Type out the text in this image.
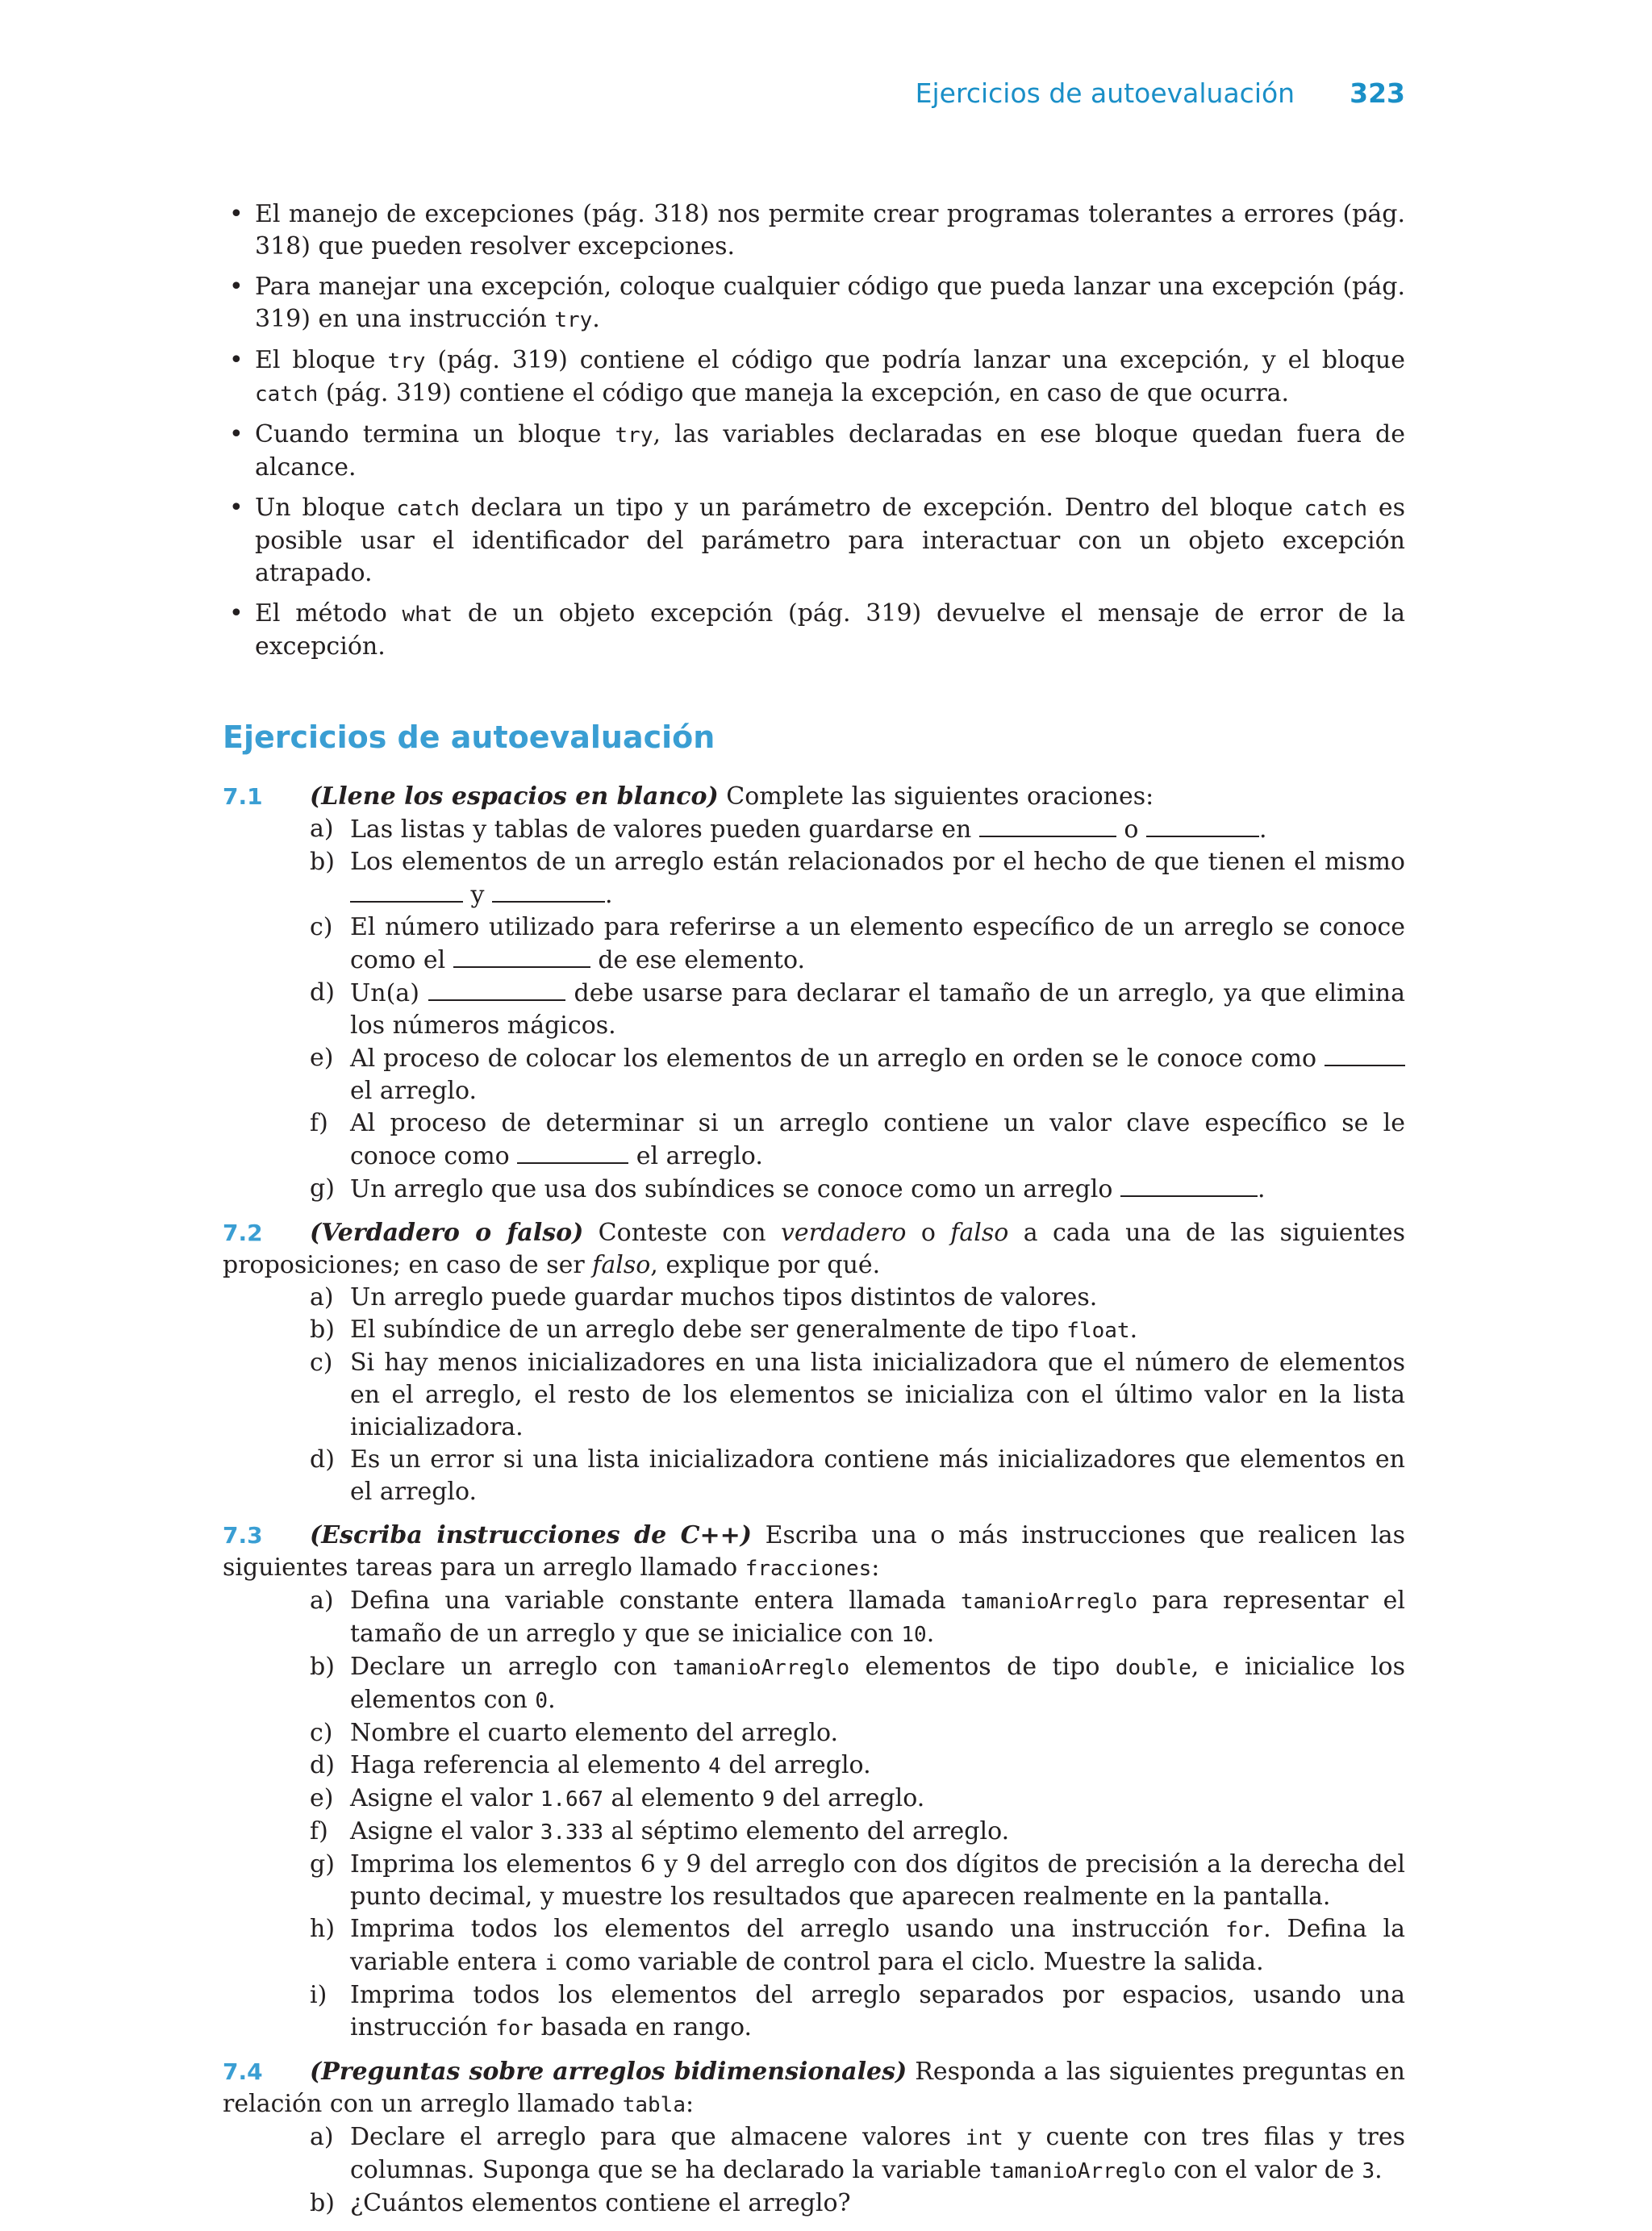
Ejercicios de autoevaluación 323
• El manejo de excepciones (pág. 318) nos permite crear programas tolerantes a errores (pág. 318) que pueden resolver excepciones.
• Para manejar una excepción, coloque cualquier código que pueda lanzar una excepción (pág. 319) en una instrucción try.
• El bloque try (pág. 319) contiene el código que podría lanzar una excepción, y el bloque catch (pág. 319) contiene el código que maneja la excepción, en caso de que ocurra.
• Cuando termina un bloque try, las variables declaradas en ese bloque quedan fuera de alcance.
• Un bloque catch declara un tipo y un parámetro de excepción. Dentro del bloque catch es posible usar el identificador del parámetro para interactuar con un objeto excepción atrapado.
• El método what de un objeto excepción (pág. 319) devuelve el mensaje de error de la excepción.
Ejercicios de autoevaluación
7.1	(Llene los espacios en blanco) Complete las siguientes oraciones:
a) Las listas y tablas de valores pueden guardarse en	o	.
b) Los elementos de un arreglo están relacionados por el hecho de que tienen el mismo  y	.
c) El número utilizado para referirse a un elemento específico de un arreglo se conoce como el	de ese elemento.
d) Un(a)	debe usarse para declarar el tamaño de un arreglo, ya que elimina los números mágicos.
e) Al proceso de colocar los elementos de un arreglo en orden se le conoce como  el arreglo.
f) Al proceso de determinar si un arreglo contiene un valor clave específico se le conoce como	el arreglo.
g) Un arreglo que usa dos subíndices se conoce como un arreglo	.
7.2	(Verdadero o falso) Conteste con verdadero o falso a cada una de las siguientes proposiciones; en caso de ser falso, explique por qué.
a) Un arreglo puede guardar muchos tipos distintos de valores.
b) El subíndice de un arreglo debe ser generalmente de tipo float.
c) Si hay menos inicializadores en una lista inicializadora que el número de elementos en el arreglo, el resto de los elementos se inicializa con el último valor en la lista inicializadora.
d) Es un error si una lista inicializadora contiene más inicializadores que elementos en el arreglo.
7.3	(Escriba instrucciones de C++) Escriba una o más instrucciones que realicen las siguientes tareas para un arreglo llamado fracciones:
a) Defina una variable constante entera llamada tamanioArreglo para representar el tamaño de un arreglo y que se inicialice con 10.
b) Declare un arreglo con tamanioArreglo elementos de tipo double, e inicialice los elementos con 0.
c) Nombre el cuarto elemento del arreglo.
d) Haga referencia al elemento 4 del arreglo.
e) Asigne el valor 1.667 al elemento 9 del arreglo.
f) Asigne el valor 3.333 al séptimo elemento del arreglo.
g) Imprima los elementos 6 y 9 del arreglo con dos dígitos de precisión a la derecha del punto decimal, y muestre los resultados que aparecen realmente en la pantalla.
h) Imprima todos los elementos del arreglo usando una instrucción for. Defina la variable entera i como variable de control para el ciclo. Muestre la salida.
i) Imprima todos los elementos del arreglo separados por espacios, usando una instrucción for basada en rango.
7.4	(Preguntas sobre arreglos bidimensionales) Responda a las siguientes preguntas en relación con un arreglo llamado tabla:
a) Declare el arreglo para que almacene valores int y cuente con tres filas y tres columnas. Suponga que se ha declarado la variable tamanioArreglo con el valor de 3.
b) ¿Cuántos elementos contiene el arreglo?
